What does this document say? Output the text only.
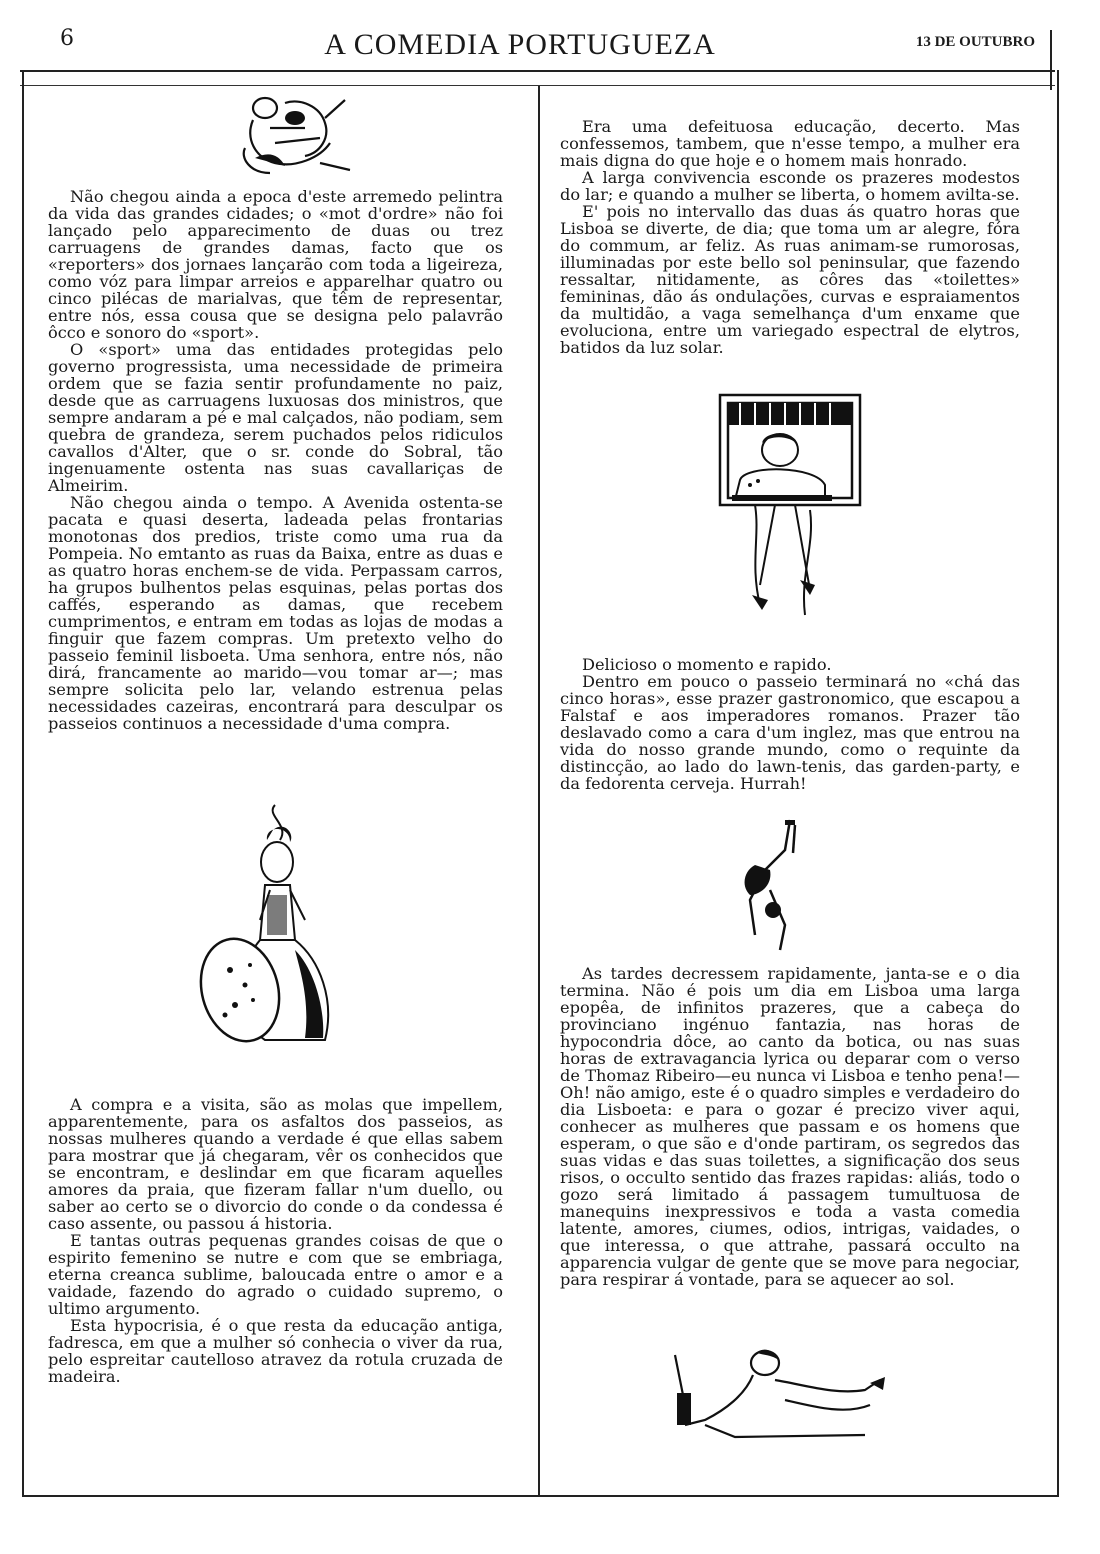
6	A COMEDIA PORTUGUEZA	13 DE OUTUBRO

Não chegou ainda a epoca d'este arremedo pelintra da vida das grandes cidades; o «mot d'ordre» não foi lançado pelo apparecimento de duas ou trez carruagens de grandes damas, facto que os «reporters» dos jornaes lançarão com toda a ligeireza, como vóz para limpar arreios e apparelhar quatro ou cinco pilécas de marialvas, que têm de representar, entre nós, essa cousa que se designa pelo palavrão ôcco e sonoro do «sport».

O «sport» uma das entidades protegidas pelo governo progressista, uma necessidade de primeira ordem que se fazia sentir profundamente no paiz, desde que as carruagens luxuosas dos ministros, que sempre andaram a pé e mal calçados, não podiam, sem quebra de grandeza, serem puchados pelos ridiculos cavallos d'Alter, que o sr. conde do Sobral, tão ingenuamente ostenta nas suas cavallariças de Almeirim.

Não chegou ainda o tempo. A Avenida ostenta-se pacata e quasi deserta, ladeada pelas frontarias monotonas dos predios, triste como uma rua da Pompeia. No emtanto as ruas da Baixa, entre as duas e as quatro horas enchem-se de vida. Perpassam carros, ha grupos bulhentos pelas esquinas, pelas portas dos caffés, esperando as damas, que recebem cumprimentos, e entram em todas as lojas de modas a finguir que fazem compras. Um pretexto velho do passeio feminil lisboeta. Uma senhora, entre nós, não dirá, francamente ao marido—vou tomar ar—; mas sempre solicita pelo lar, velando estrenua pelas necessidades cazeiras, encontrará para desculpar os passeios continuos a necessidade d'uma compra.

A compra e a visita, são as molas que impellem, apparentemente, para os asfaltos dos passeios, as nossas mulheres quando a verdade é que ellas sabem para mostrar que já chegaram, vêr os conhecidos que se encontram, e deslindar em que ficaram aquelles amores da praia, que fizeram fallar n'um duello, ou saber ao certo se o divorcio do conde o da condessa é caso assente, ou passou á historia.

E tantas outras pequenas grandes coisas de que o espirito femenino se nutre e com que se embriaga, eterna creanca sublime, baloucada entre o amor e a vaidade, fazendo do agrado o cuidado supremo, o ultimo argumento.

Esta hypocrisia, é o que resta da educação antiga, fadresca, em que a mulher só conhecia o viver da rua, pelo espreitar cautelloso atravez da rotula cruzada de madeira.

Era uma defeituosa educação, decerto. Mas confessemos, tambem, que n'esse tempo, a mulher era mais digna do que hoje e o homem mais honrado.

A larga convivencia esconde os prazeres modestos do lar; e quando a mulher se liberta, o homem avilta-se.

E' pois no intervallo das duas ás quatro horas que Lisboa se diverte, de dia; que toma um ar alegre, fóra do commum, ar feliz. As ruas animam-se rumorosas, illuminadas por este bello sol peninsular, que fazendo ressaltar, nitidamente, as côres das «toilettes» femininas, dão ás ondulações, curvas e espraiamentos da multidão, a vaga semelhança d'um enxame que evoluciona, entre um variegado espectral de elytros, batidos da luz solar.

Delicioso o momento e rapido.

Dentro em pouco o passeio terminará no «chá das cinco horas», esse prazer gastronomico, que escapou a Falstaf e aos imperadores romanos. Prazer tão deslavado como a cara d'um inglez, mas que entrou na vida do nosso grande mundo, como o requinte da distincção, ao lado do lawn-tenis, das garden-party, e da fedorenta cerveja. Hurrah!

As tardes decressem rapidamente, janta-se e o dia termina. Não é pois um dia em Lisboa uma larga epopêa, de infinitos prazeres, que a cabeça do provinciano ingénuo fantazia, nas horas de hypocondria dôce, ao canto da botica, ou nas suas horas de extravagancia lyrica ou deparar com o verso de Thomaz Ribeiro—eu nunca vi Lisboa e tenho pena!—Oh! não amigo, este é o quadro simples e verdadeiro do dia Lisboeta: e para o gozar é precizo viver aqui, conhecer as mulheres que passam e os homens que esperam, o que são e d'onde partiram, os segredos das suas vidas e das suas toilettes, a significação dos seus risos, o occulto sentido das frazes rapidas: aliás, todo o gozo será limitado á passagem tumultuosa de manequins inexpressivos e toda a vasta comedia latente, amores, ciumes, odios, intrigas, vaidades, o que interessa, o que attrahe, passará occulto na apparencia vulgar de gente que se move para negociar, para respirar á vontade, para se aquecer ao sol.
